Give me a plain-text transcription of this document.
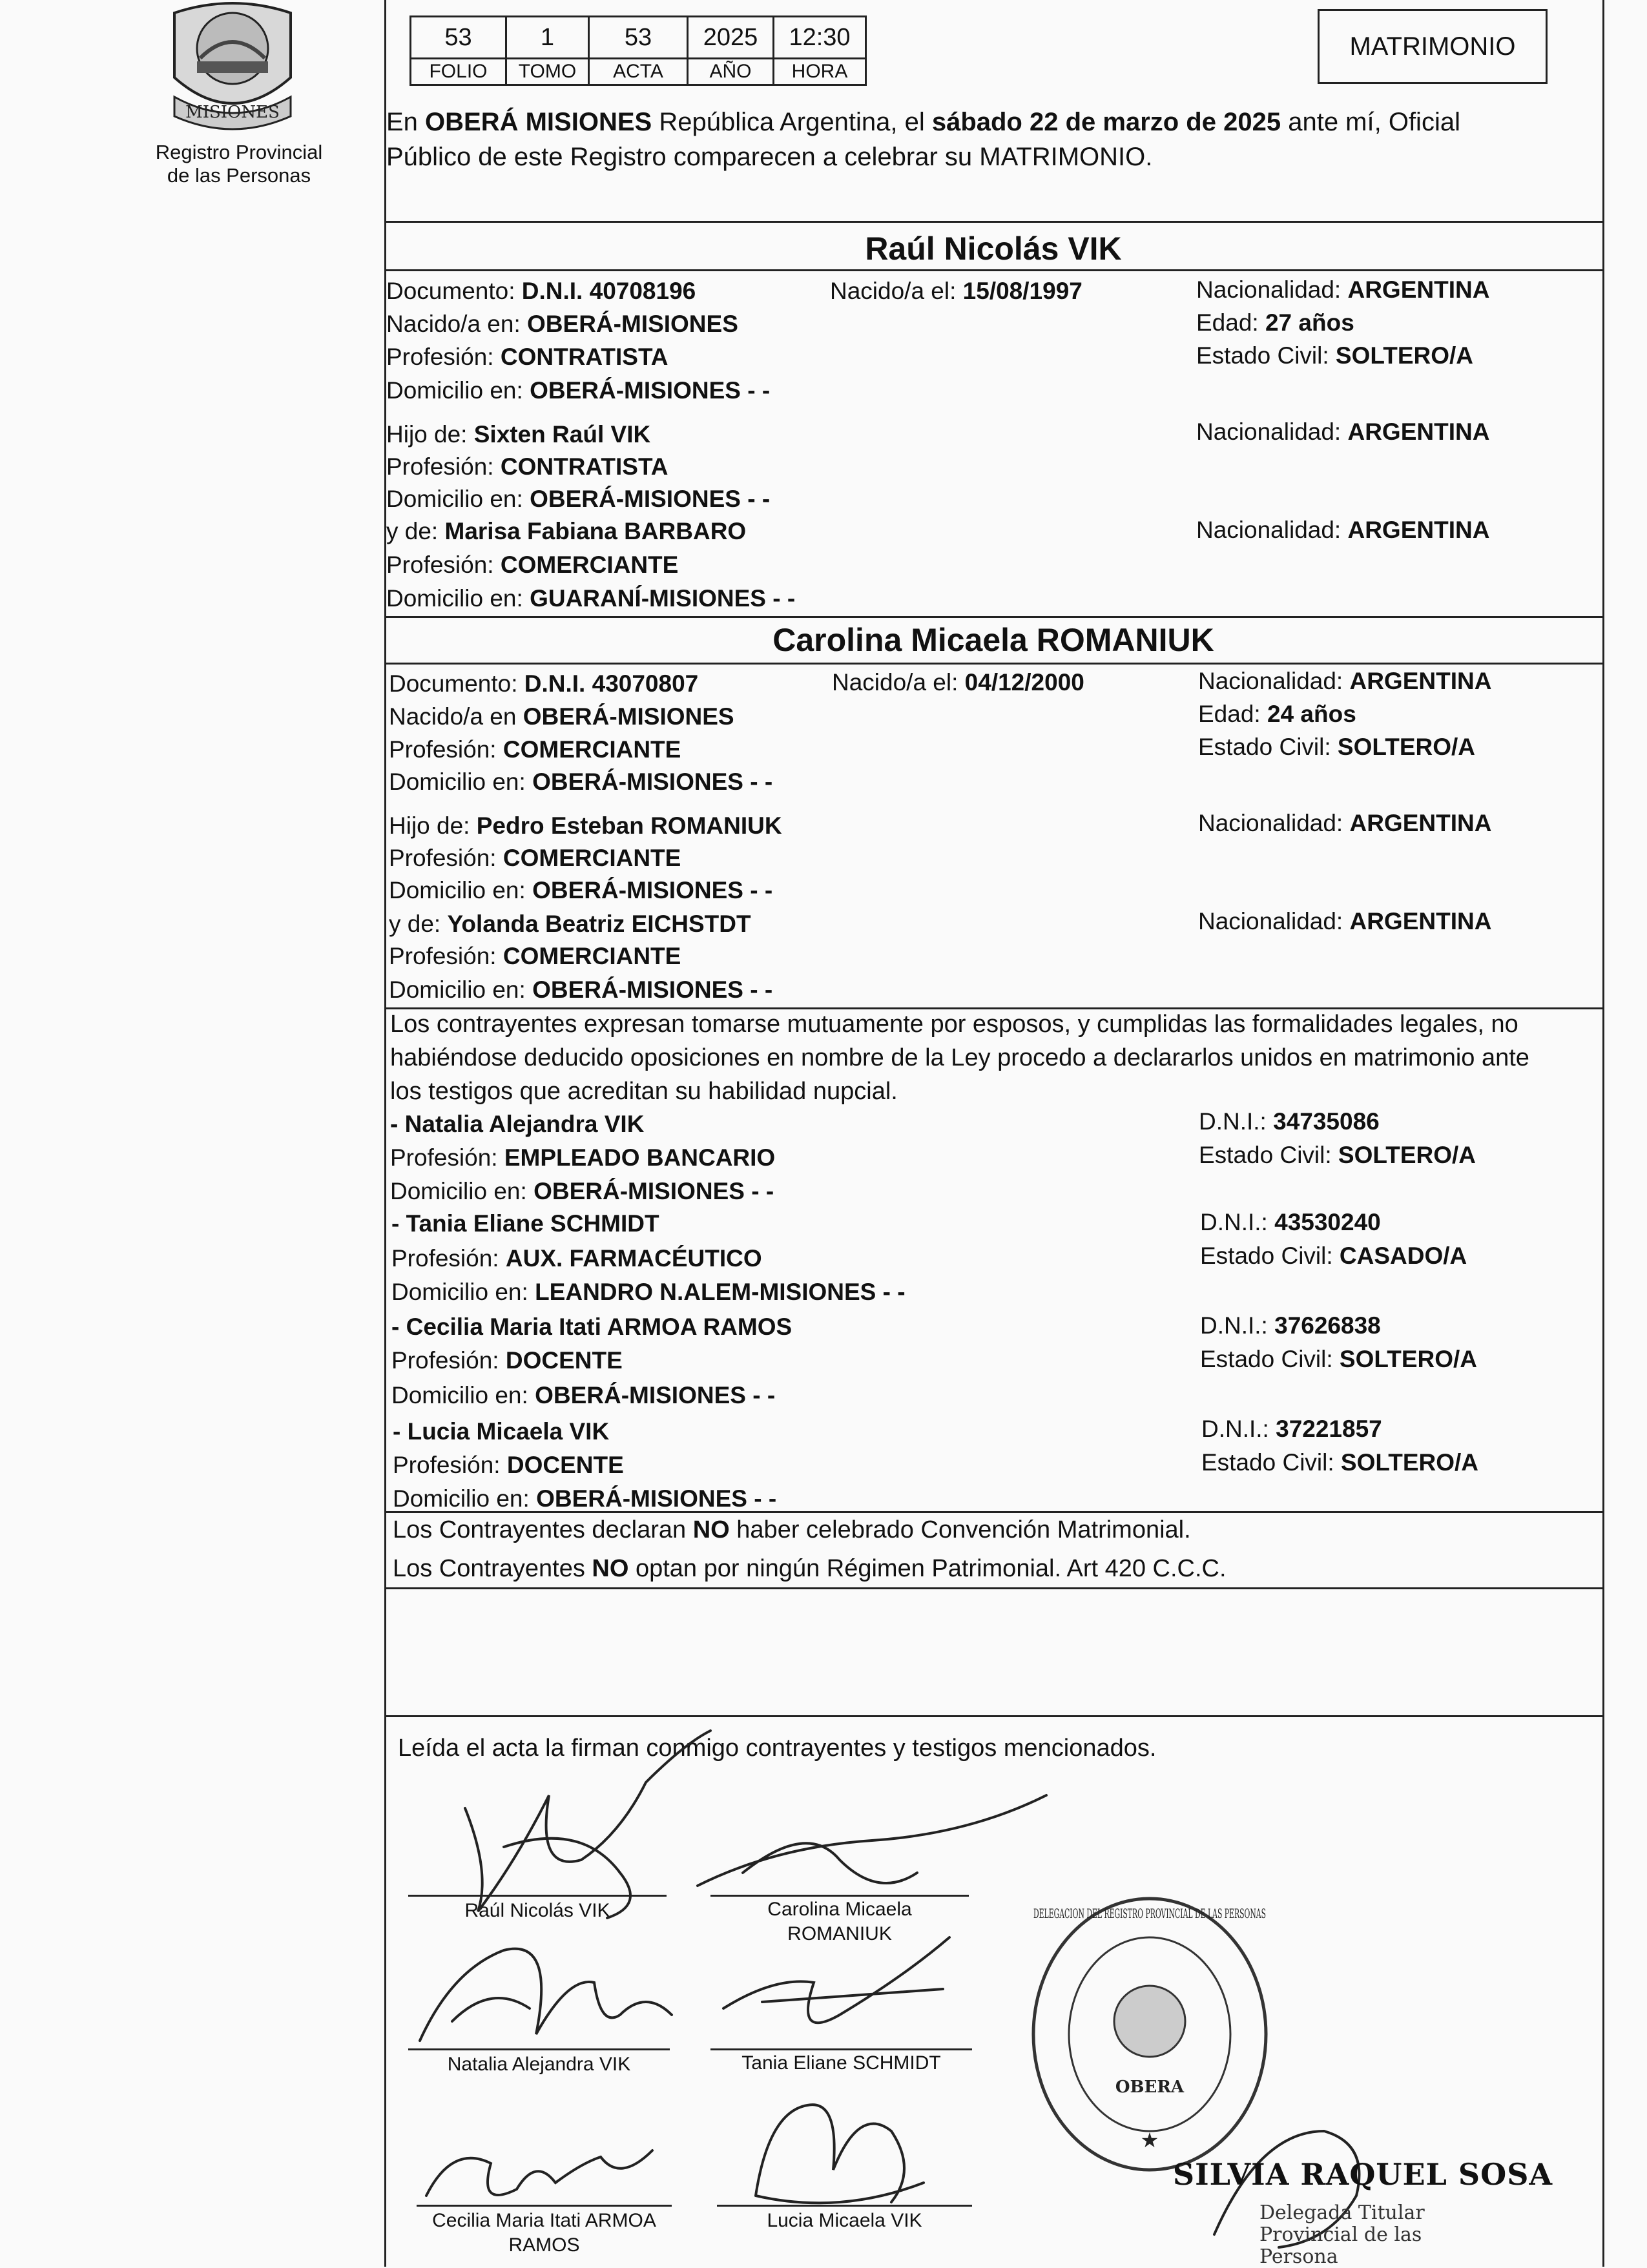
MISIONES
Registro Provincial
de las Personas
53	1	53	2025	12:30
FOLIO	TOMO	ACTA	AÑO	HORA
MATRIMONIO
En OBERÁ MISIONES República Argentina, el sábado 22 de marzo de 2025 ante mí, Oficial
Público de este Registro comparecen a celebrar su MATRIMONIO.
Raúl Nicolás VIK
Documento: D.N.I. 40708196	Nacido/a el: 15/08/1997	Nacionalidad: ARGENTINA
Nacido/a en: OBERÁ-MISIONES	Edad: 27 años
Profesión: CONTRATISTA	Estado Civil: SOLTERO/A
Domicilio en: OBERÁ-MISIONES - -
Hijo de: Sixten Raúl VIK	Nacionalidad: ARGENTINA
Profesión: CONTRATISTA
Domicilio en: OBERÁ-MISIONES - -
y de: Marisa Fabiana BARBARO	Nacionalidad: ARGENTINA
Profesión: COMERCIANTE
Domicilio en: GUARANÍ-MISIONES - -
Carolina Micaela ROMANIUK
Documento: D.N.I. 43070807	Nacido/a el: 04/12/2000	Nacionalidad: ARGENTINA
Nacido/a en OBERÁ-MISIONES	Edad: 24 años
Profesión: COMERCIANTE	Estado Civil: SOLTERO/A
Domicilio en: OBERÁ-MISIONES - -
Hijo de: Pedro Esteban ROMANIUK	Nacionalidad: ARGENTINA
Profesión: COMERCIANTE
Domicilio en: OBERÁ-MISIONES - -
y de: Yolanda Beatriz EICHSTDT	Nacionalidad: ARGENTINA
Profesión: COMERCIANTE
Domicilio en: OBERÁ-MISIONES - -
Los contrayentes expresan tomarse mutuamente por esposos, y cumplidas las formalidades legales, no
habiéndose deducido oposiciones en nombre de la Ley procedo a declararlos unidos en matrimonio ante
los testigos que acreditan su habilidad nupcial.
- Natalia Alejandra VIK	D.N.I.: 34735086
Profesión: EMPLEADO BANCARIO	Estado Civil: SOLTERO/A
Domicilio en: OBERÁ-MISIONES - -
- Tania Eliane SCHMIDT	D.N.I.: 43530240
Profesión: AUX. FARMACÉUTICO	Estado Civil: CASADO/A
Domicilio en: LEANDRO N.ALEM-MISIONES - -
- Cecilia Maria Itati ARMOA RAMOS	D.N.I.: 37626838
Profesión: DOCENTE	Estado Civil: SOLTERO/A
Domicilio en: OBERÁ-MISIONES - -
- Lucia Micaela VIK	D.N.I.: 37221857
Profesión: DOCENTE	Estado Civil: SOLTERO/A
Domicilio en: OBERÁ-MISIONES - -
Los Contrayentes declaran NO haber celebrado Convención Matrimonial.
Los Contrayentes NO optan por ningún Régimen Patrimonial. Art 420 C.C.C.
Leída el acta la firman conmigo contrayentes y testigos mencionados.
Raúl Nicolás VIK	Carolina Micaela
ROMANIUK
Natalia Alejandra VIK	Tania Eliane SCHMIDT
Cecilia Maria Itati ARMOA
RAMOS
Lucia Micaela VIK
OBERA
DELEGACION DEL REGISTRO PROVINCIAL DE LAS PERSONAS
★
SILVIA RAQUEL SOSA
Delegada Titular
Provincial de las Persona
